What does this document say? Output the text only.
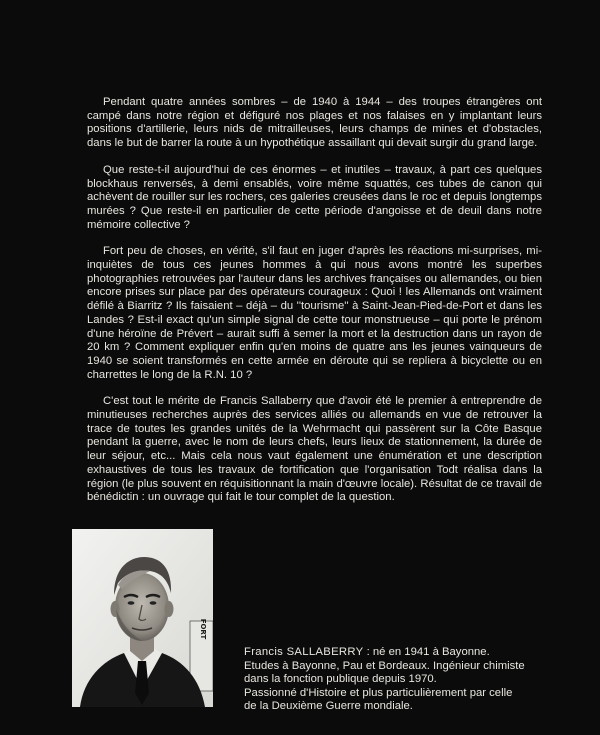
Pendant quatre années sombres – de 1940 à 1944 – des troupes étrangères ont campé dans notre région et défiguré nos plages et nos falaises en y implantant leurs positions d'artillerie, leurs nids de mitrailleuses, leurs champs de mines et d'obstacles, dans le but de barrer la route à un hypothétique assaillant qui devait surgir du grand large.

Que reste-t-il aujourd'hui de ces énormes – et inutiles – travaux, à part ces quelques blockhaus renversés, à demi ensablés, voire même squattés, ces tubes de canon qui achèvent de rouiller sur les rochers, ces galeries creusées dans le roc et depuis longtemps murées ? Que reste-il en particulier de cette période d'angoisse et de deuil dans notre mémoire collective ?

Fort peu de choses, en vérité, s'il faut en juger d'après les réactions mi-surprises, mi-inquiètes de tous ces jeunes hommes à qui nous avons montré les superbes photographies retrouvées par l'auteur dans les archives françaises ou allemandes, ou bien encore prises sur place par des opérateurs courageux : Quoi ! les Allemands ont vraiment défilé à Biarritz ? Ils faisaient – déjà – du ''tourisme'' à Saint-Jean-Pied-de-Port et dans les Landes ? Est-il exact qu'un simple signal de cette tour monstrueuse – qui porte le prénom d'une héroïne de Prévert – aurait suffi à semer la mort et la destruction dans un rayon de 20 km ? Comment expliquer enfin qu'en moins de quatre ans les jeunes vainqueurs de 1940 se soient transformés en cette armée en déroute qui se repliera à bicyclette ou en charrettes le long de la R.N. 10 ?

C'est tout le mérite de Francis Sallaberry que d'avoir été le premier à entreprendre de minutieuses recherches auprès des services alliés ou allemands en vue de retrouver la trace de toutes les grandes unités de la Wehrmacht qui passèrent sur la Côte Basque pendant la guerre, avec le nom de leurs chefs, leurs lieux de stationnement, la durée de leur séjour, etc... Mais cela nous vaut également une énumération et une description exhaustives de tous les travaux de fortification que l'organisation Todt réalisa dans la région (le plus souvent en réquisitionnant la main d'œuvre locale). Résultat de ce travail de bénédictin : un ouvrage qui fait le tour complet de la question.

FORT
Francis SALLABERRY : né en 1941 à Bayonne.
Etudes à Bayonne, Pau et Bordeaux. Ingénieur chimiste
dans la fonction publique depuis 1970.
Passionné d'Histoire et plus particulièrement par celle
de la Deuxième Guerre mondiale.
